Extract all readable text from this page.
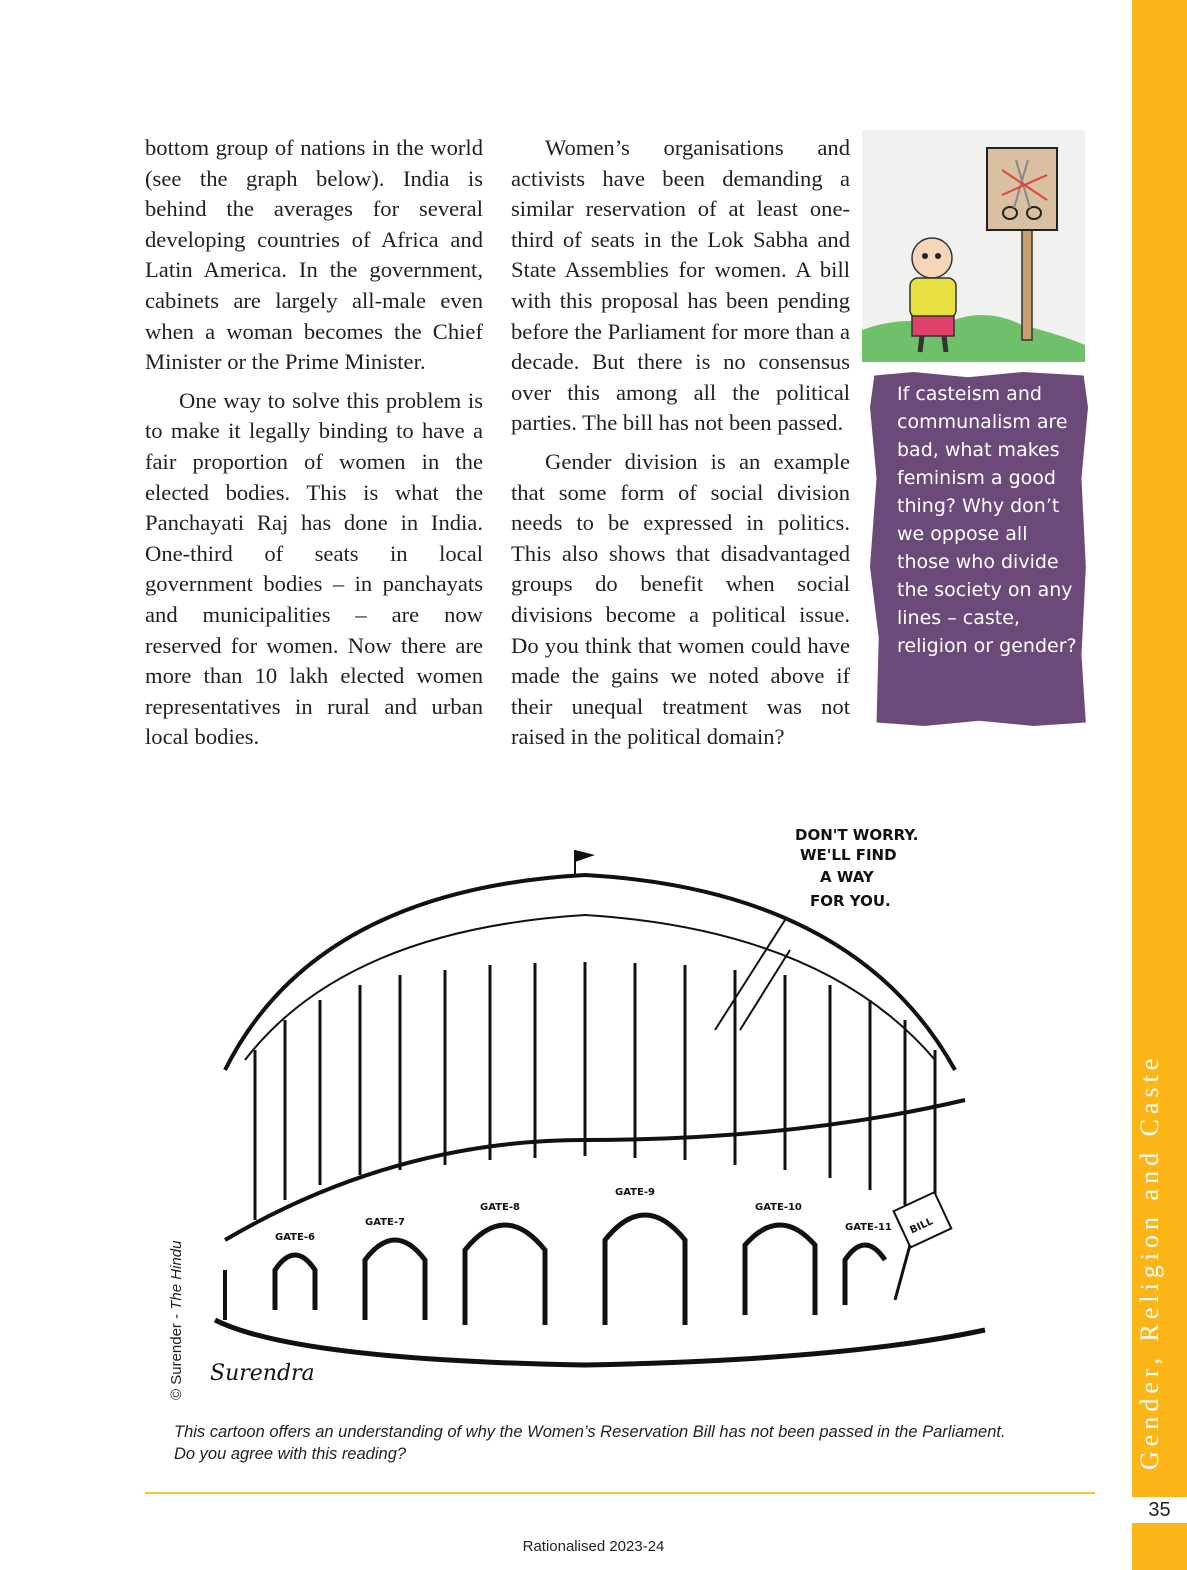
Gender, Religion and Caste
35

bottom group of nations in the world (see the graph below). India is behind the averages for several developing countries of Africa and Latin America. In the government, cabinets are largely all-male even when a woman becomes the Chief Minister or the Prime Minister.

One way to solve this problem is to make it legally binding to have a fair proportion of women in the elected bodies. This is what the Panchayati Raj has done in India. One-third of seats in local government bodies – in panchayats and municipalities – are now reserved for women. Now there are more than 10 lakh elected women representatives in rural and urban local bodies.

Women’s organisations and activists have been demanding a similar reservation of at least one-third of seats in the Lok Sabha and State Assemblies for women. A bill with this proposal has been pending before the Parliament for more than a decade. But there is no consensus over this among all the political parties. The bill has not been passed.

Gender division is an example that some form of social division needs to be expressed in politics. This also shows that disadvantaged groups do benefit when social divisions become a political issue. Do you think that women could have made the gains we noted above if their unequal treatment was not raised in the political domain?

If casteism and communalism are bad, what makes feminism a good thing? Why don’t we oppose all those who divide the society on any lines – caste, religion or gender?
DON'T WORRY.
WE'LL FIND
A WAY
FOR YOU.
GATE-6
GATE-7
GATE-8
GATE-9
GATE-10
GATE-11 BILL
Surendra
© Surender - The Hindu
This cartoon offers an understanding of why the Women’s Reservation Bill has not been passed in the Parliament.
Do you agree with this reading?
Rationalised 2023-24
